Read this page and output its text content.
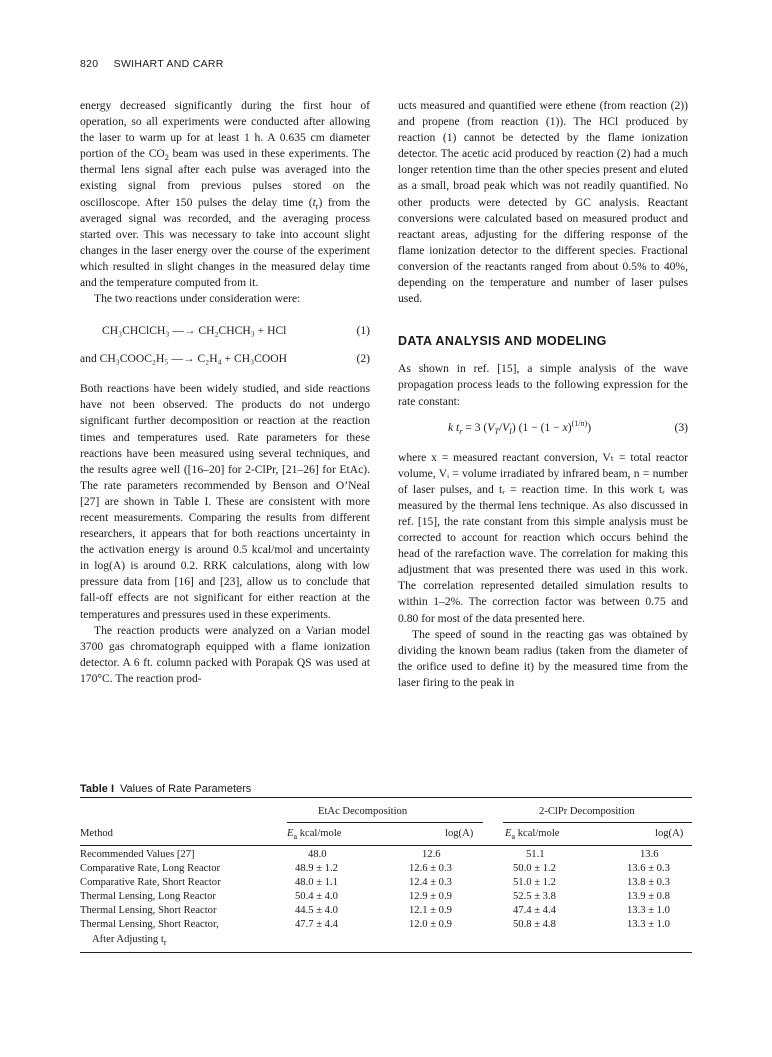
820 SWIHART AND CARR

energy decreased significantly during the first hour of operation, so all experiments were conducted after allowing the laser to warm up for at least 1 h. A 0.635 cm diameter portion of the $CO_2$ beam was used in these experiments. The thermal lens signal after each pulse was averaged into the existing signal from previous pulses stored on the oscilloscope. After 150 pulses the delay time $(t_r)$ from the averaged signal was recorded, and the averaging process started over. This was necessary to take into account slight changes in the laser energy over the course of the experiment which resulted in slight changes in the measured delay time and the temperature computed from it.

The two reactions under consideration were:

CH₃CHClCH₃ —→ CH₂CHCH₃ + HCl	(1)
and CH₃COOC₂H₅ —→ C₂H₄ + CH₃COOH	(2)

Both reactions have been widely studied, and side reactions have not been observed. The products do not undergo significant further decomposition or reaction at the reaction times and temperatures used. Rate parameters for these reactions have been measured using several techniques, and the results agree well ([16–20] for 2-ClPr, [21–26] for EtAc). The rate parameters recommended by Benson and O’Neal [27] are shown in Table I. These are consistent with more recent measurements. Comparing the results from different researchers, it appears that for both reactions uncertainty in the activation energy is around 0.5 kcal/mol and uncertainty in log(A) is around 0.2. RRK calculations, along with low pressure data from [16] and [23], allow us to conclude that fall-off effects are not significant for either reaction at the temperatures and pressures used in these experiments.

The reaction products were analyzed on a Varian model 3700 gas chromatograph equipped with a flame ionization detector. A 6 ft. column packed with Porapak QS was used at 170°C. The reaction prod-

ucts measured and quantified were ethene (from reaction (2)) and propene (from reaction (1)). The HCl produced by reaction (1) cannot be detected by the flame ionization detector. The acetic acid produced by reaction (2) had a much longer retention time than the other species present and eluted as a small, broad peak which was not readily quantified. No other products were detected by GC analysis. Reactant conversions were calculated based on measured product and reactant areas, adjusting for the differing response of the flame ionization detector to the different species. Fractional conversion of the reactants ranged from about 0.5% to 40%, depending on the temperature and number of laser pulses used.

DATA ANALYSIS AND MODELING

As shown in ref. [15], a simple analysis of the wave propagation process leads to the following expression for the rate constant:

k $t_r = 3$ $(V_T/V_I) (1 - (1 - x)^{(1/n)})$	(3)

where x = measured reactant conversion, Vₜ = total reactor volume, Vᵢ = volume irradiated by infrared beam, n = number of laser pulses, and tᵣ = reaction time. In this work tᵣ was measured by the thermal lens technique. As also discussed in ref. [15], the rate constant from this simple analysis must be corrected to account for reaction which occurs behind the head of the rarefaction wave. The correlation for making this adjustment that was presented there was used in this work. The correlation represented detailed simulation results to within 1–2%. The correction factor was between 0.75 and 0.80 for most of the data presented here.

The speed of sound in the reacting gas was obtained by dividing the known beam radius (taken from the diameter of the orifice used to define it) by the measured time from the laser firing to the peak in

Table I Values of Rate Parameters
EtAc Decomposition	2-ClPr Decomposition
Method	$E_a$ kcal/mole	log(A)	$E_a$ kcal/mole	log(A)
Recommended Values [27]	48.0	12.6	51.1	13.6
Comparative Rate, Long Reactor	48.9 ± 1.2	12.6 ± 0.3	50.0 ± 1.2	13.6 ± 0.3
Comparative Rate, Short Reactor	48.0 ± 1.1	12.4 ± 0.3	51.0 ± 1.2	13.8 ± 0.3
Thermal Lensing, Long Reactor	50.4 ± 4.0	12.9 ± 0.9	52.5 ± 3.8	13.9 ± 0.8
Thermal Lensing, Short Reactor	44.5 ± 4.0	12.1 ± 0.9	47.4 ± 4.4	13.3 ± 1.0
Thermal Lensing, Short Reactor,	47.7 ± 4.4	12.0 ± 0.9	50.8 ± 4.8	13.3 ± 1.0
After Adjusting $t_r$
